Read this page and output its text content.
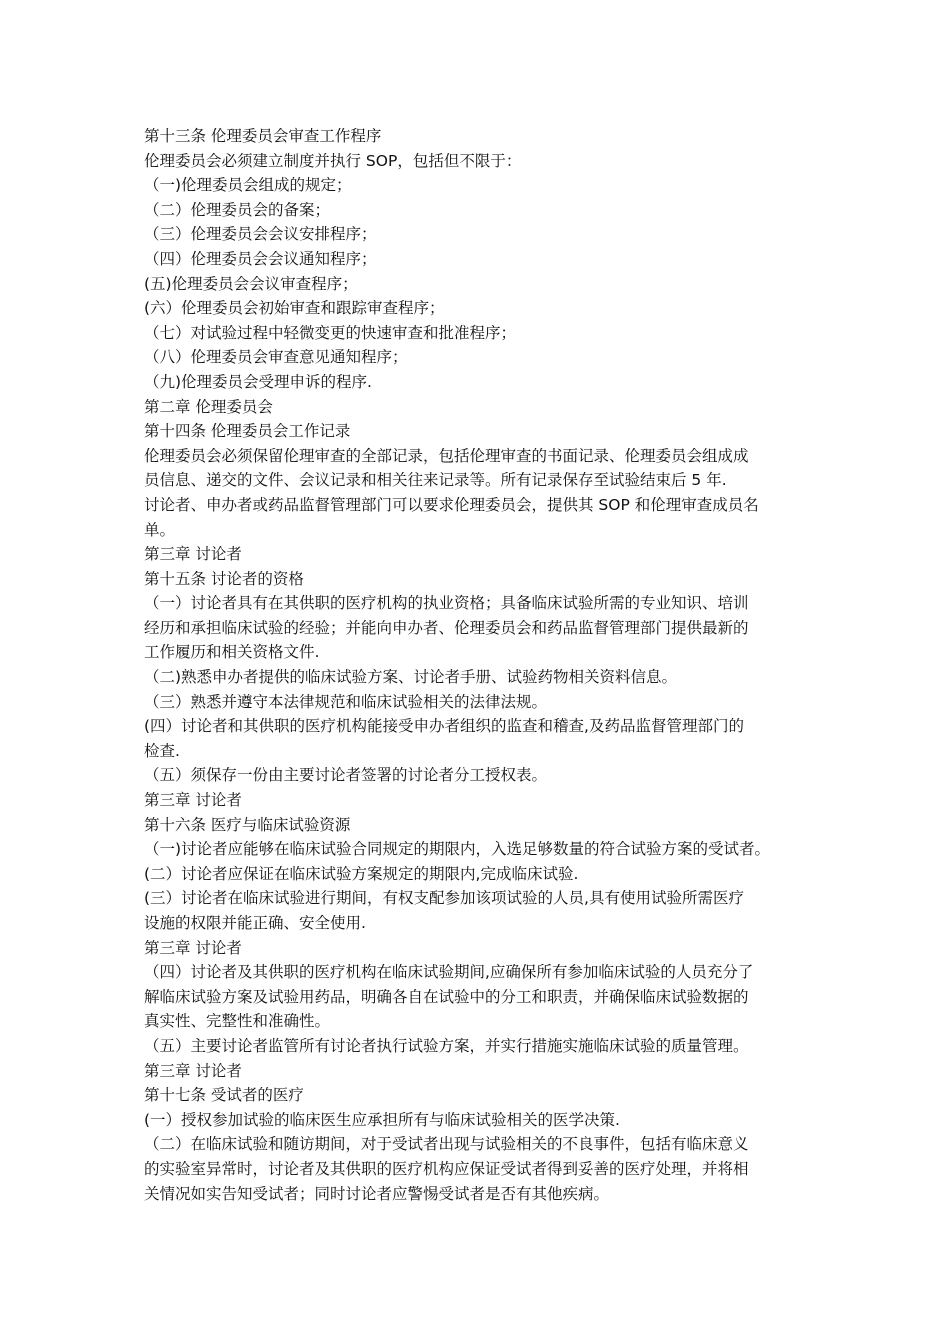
第十三条 伦理委员会审查工作程序
伦理委员会必须建立制度并执行 SOP，包括但不限于：
（一)伦理委员会组成的规定；
（二）伦理委员会的备案；
（三）伦理委员会会议安排程序；
（四）伦理委员会会议通知程序；
(五)伦理委员会会议审查程序；
(六）伦理委员会初始审查和跟踪审查程序；
（七）对试验过程中轻微变更的快速审查和批准程序；
（八）伦理委员会审查意见通知程序；
（九)伦理委员会受理申诉的程序.
第二章 伦理委员会
第十四条 伦理委员会工作记录
伦理委员会必须保留伦理审查的全部记录，包括伦理审查的书面记录、伦理委员会组成成
员信息、递交的文件、会议记录和相关往来记录等。所有记录保存至试验结束后 5 年.
讨论者、申办者或药品监督管理部门可以要求伦理委员会，提供其 SOP 和伦理审查成员名
单。
第三章 讨论者
第十五条 讨论者的资格
（一）讨论者具有在其供职的医疗机构的执业资格；具备临床试验所需的专业知识、培训
经历和承担临床试验的经验；并能向申办者、伦理委员会和药品监督管理部门提供最新的
工作履历和相关资格文件.
（二)熟悉申办者提供的临床试验方案、讨论者手册、试验药物相关资料信息。
（三）熟悉并遵守本法律规范和临床试验相关的法律法规。
(四）讨论者和其供职的医疗机构能接受申办者组织的监查和稽查,及药品监督管理部门的
检查.
（五）须保存一份由主要讨论者签署的讨论者分工授权表。
第三章 讨论者
第十六条 医疗与临床试验资源
（一)讨论者应能够在临床试验合同规定的期限内，入选足够数量的符合试验方案的受试者。
(二）讨论者应保证在临床试验方案规定的期限内,完成临床试验.
(三）讨论者在临床试验进行期间，有权支配参加该项试验的人员,具有使用试验所需医疗
设施的权限并能正确、安全使用.
第三章 讨论者
（四）讨论者及其供职的医疗机构在临床试验期间,应确保所有参加临床试验的人员充分了
解临床试验方案及试验用药品，明确各自在试验中的分工和职责，并确保临床试验数据的
真实性、完整性和准确性。
（五）主要讨论者监管所有讨论者执行试验方案，并实行措施实施临床试验的质量管理。
第三章 讨论者
第十七条 受试者的医疗
(一）授权参加试验的临床医生应承担所有与临床试验相关的医学决策.
（二）在临床试验和随访期间，对于受试者出现与试验相关的不良事件，包括有临床意义
的实验室异常时，讨论者及其供职的医疗机构应保证受试者得到妥善的医疗处理，并将相
关情况如实告知受试者；同时讨论者应警惕受试者是否有其他疾病。
